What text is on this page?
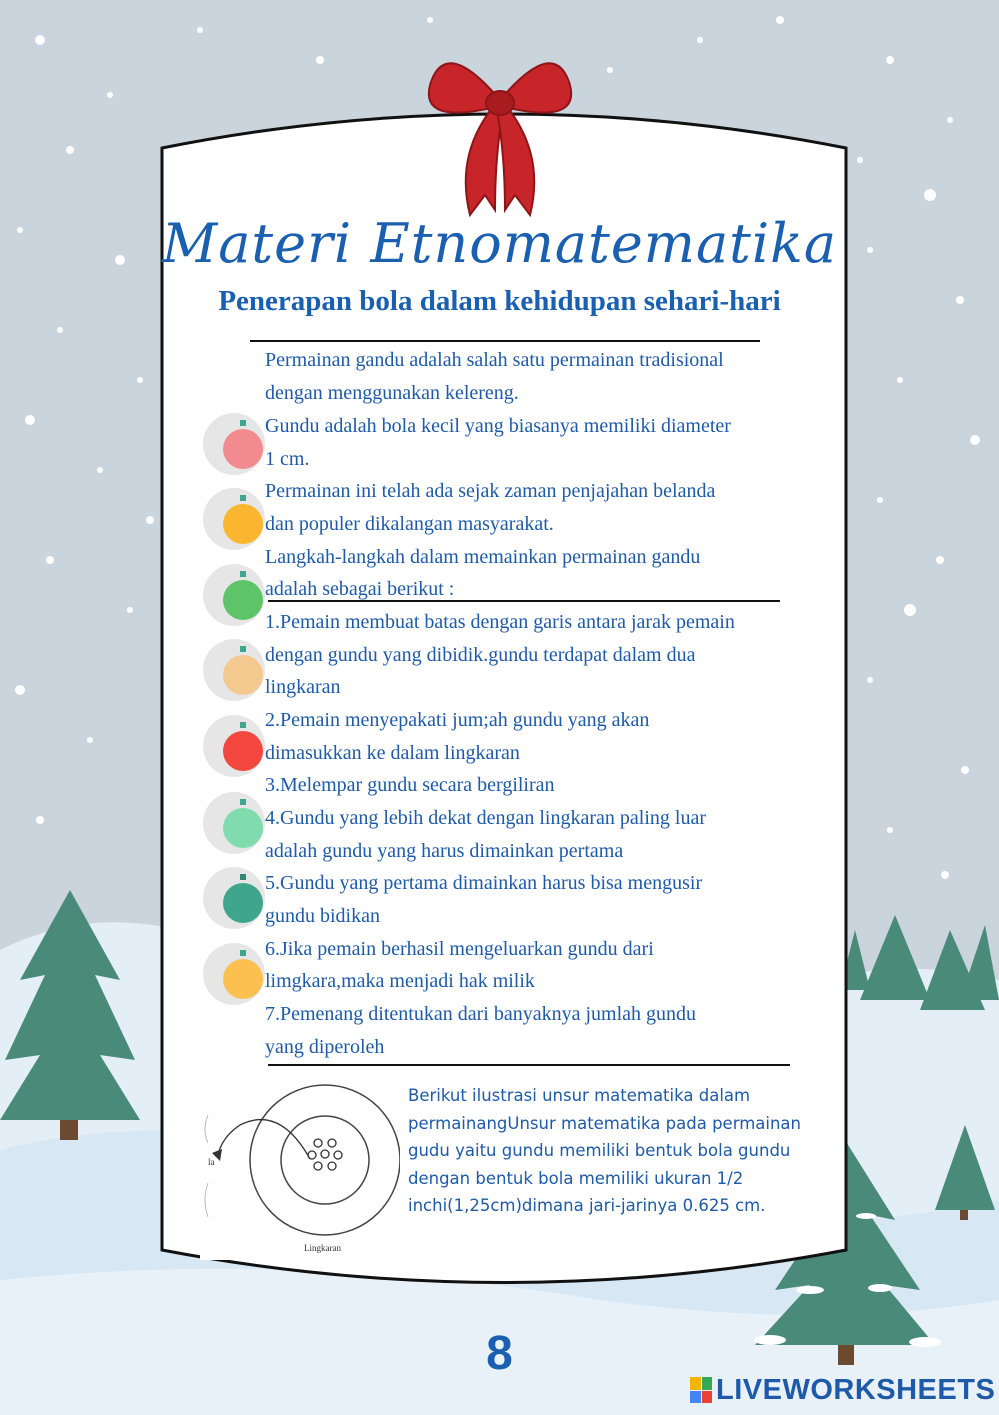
Materi Etnomatematika
Penerapan bola dalam kehidupan sehari-hari
Permainan gandu adalah salah satu permainan tradisional
dengan menggunakan kelereng.
Gundu adalah bola kecil yang biasanya memiliki diameter
1 cm.
Permainan ini telah ada sejak zaman penjajahan belanda
dan populer dikalangan masyarakat.
Langkah-langkah dalam memainkan permainan gandu
adalah sebagai berikut :
1.Pemain membuat batas dengan garis antara jarak pemain
dengan gundu yang dibidik.gundu terdapat dalam dua
lingkaran
2.Pemain menyepakati jum;ah gundu yang akan
dimasukkan ke dalam lingkaran
3.Melempar gundu secara bergiliran
4.Gundu yang lebih dekat dengan lingkaran paling luar
adalah gundu yang harus dimainkan pertama
5.Gundu yang pertama dimainkan harus bisa mengusir
gundu bidikan
6.Jika pemain berhasil mengeluarkan gundu dari
limgkara,maka menjadi hak milik
7.Pemenang ditentukan dari banyaknya jumlah gundu
yang diperoleh
la
Lingkaran
Berikut ilustrasi unsur matematika dalam permainangUnsur matematika pada permainan gudu yaitu gundu memiliki bentuk bola gundu dengan bentuk bola memiliki ukuran 1/2 inchi(1,25cm)dimana jari-jarinya 0.625 cm.
8
LIVEWORKSHEETS
